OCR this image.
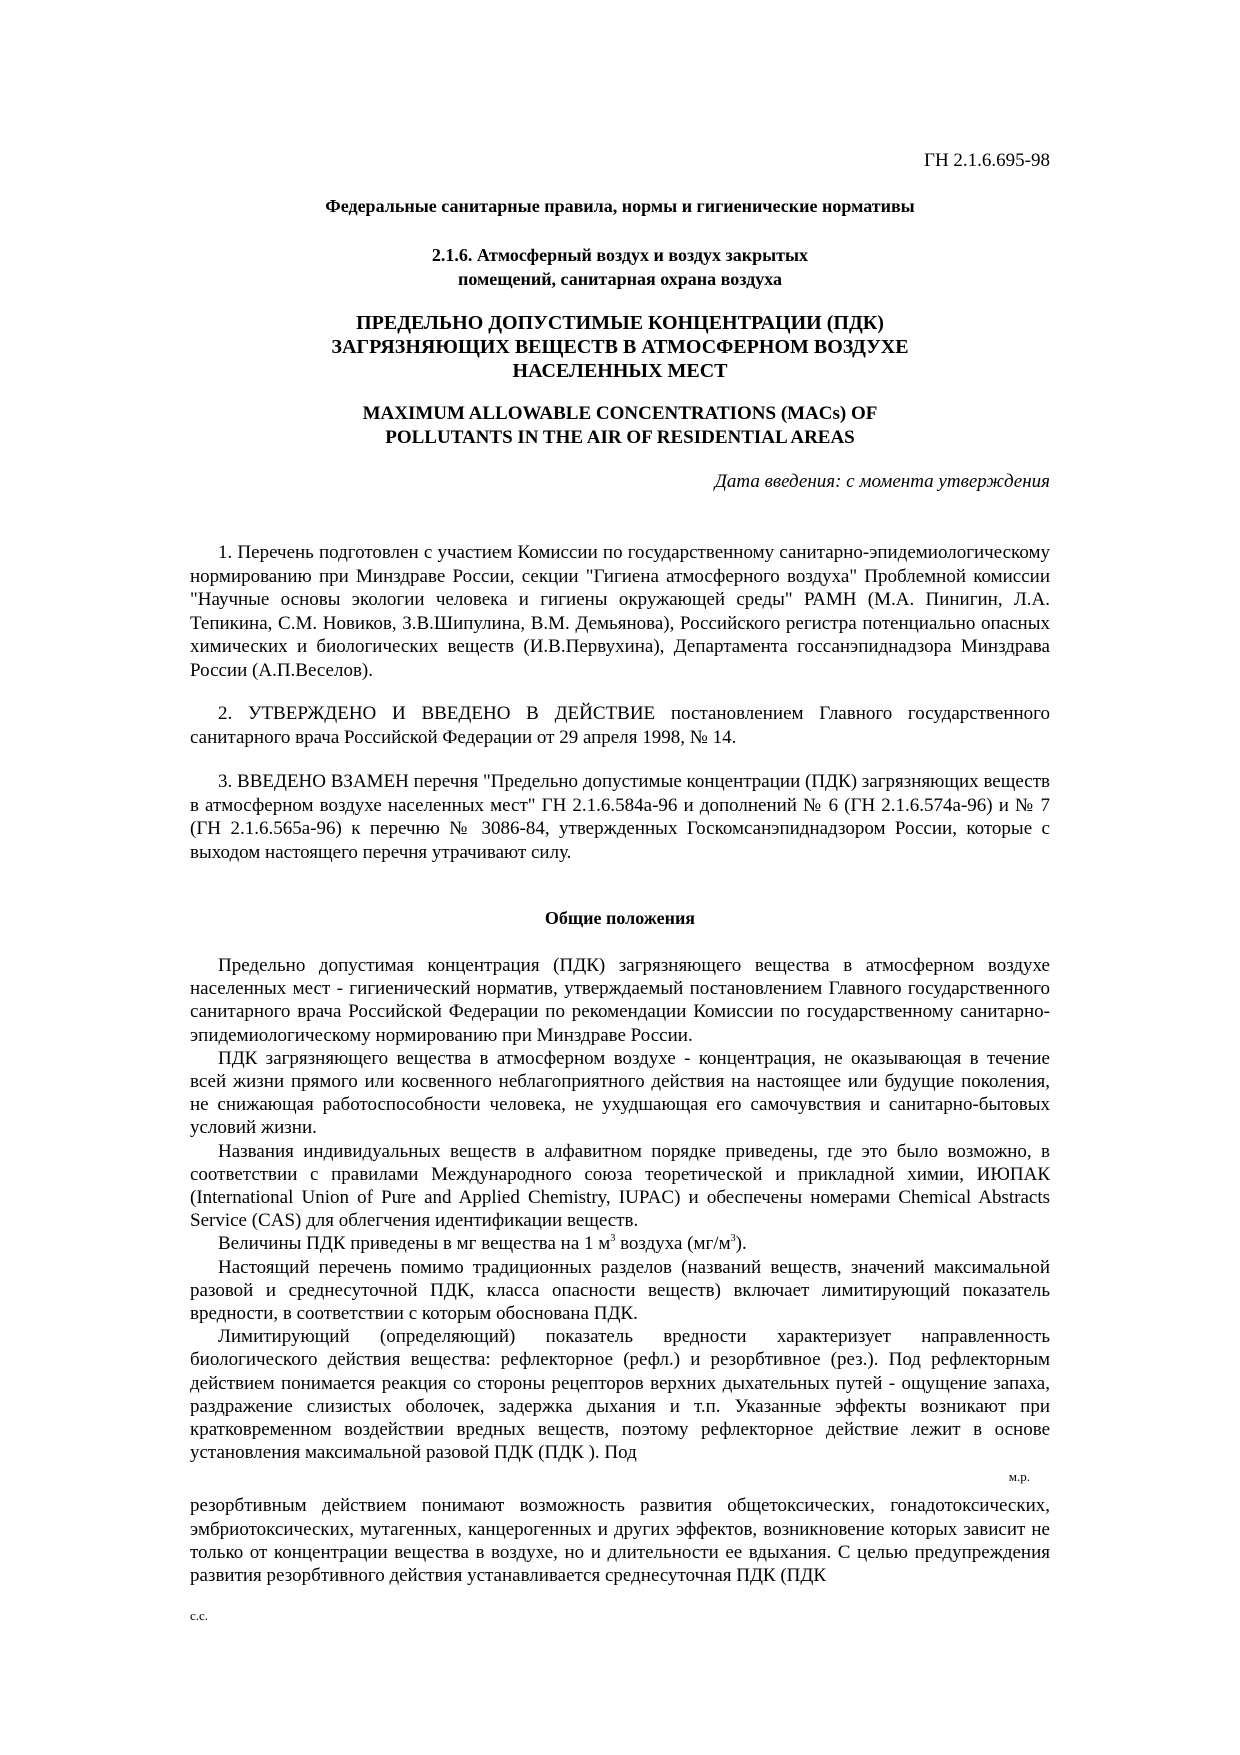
ГН 2.1.6.695-98
Федеральные санитарные правила, нормы и гигиенические нормативы
2.1.6. Атмосферный воздух и воздух закрытых
помещений, санитарная охрана воздуха
ПРЕДЕЛЬНО ДОПУСТИМЫЕ КОНЦЕНТРАЦИИ (ПДК)
ЗАГРЯЗНЯЮЩИХ ВЕЩЕСТВ В АТМОСФЕРНОМ ВОЗДУХЕ
НАСЕЛЕННЫХ МЕСТ
MAXIMUM ALLOWABLE CONCENTRATIONS (MACs) OF
POLLUTANTS IN THE AIR OF RESIDENTIAL AREAS
Дата введения: с момента утверждения

1. Перечень подготовлен с участием Комиссии по государственному санитарно-эпидемиологическому нормированию при Минздраве России, секции "Гигиена атмосферного воздуха" Проблемной комиссии "Научные основы экологии человека и гигиены окружающей среды" РАМН (М.А. Пинигин, Л.А. Тепикина, С.М. Новиков, З.В.Шипулина, В.М. Демьянова), Российского регистра потенциально опасных химических и биологических веществ (И.В.Первухина), Департамента госсанэпиднадзора Минздрава России (А.П.Веселов).

2. УТВЕРЖДЕНО И ВВЕДЕНО В ДЕЙСТВИЕ постановлением Главного государственного санитарного врача Российской Федерации от 29 апреля 1998, № 14.

3. ВВЕДЕНО ВЗАМЕН перечня "Предельно допустимые концентрации (ПДК) загрязняющих веществ в атмосферном воздухе населенных мест" ГН 2.1.6.584а-96 и дополнений № 6 (ГН 2.1.6.574а-96) и № 7 (ГН 2.1.6.565а-96) к перечню № 3086-84, утвержденных Госкомсанэпиднадзором России, которые с выходом настоящего перечня утрачивают силу.

Общие положения

Предельно допустимая концентрация (ПДК) загрязняющего вещества в атмосферном воздухе населенных мест - гигиенический норматив, утверждаемый постановлением Главного государственного санитарного врача Российской Федерации по рекомендации Комиссии по государственному санитарно-эпидемиологическому нормированию при Минздраве России.

ПДК загрязняющего вещества в атмосферном воздухе - концентрация, не оказывающая в течение всей жизни прямого или косвенного неблагоприятного действия на настоящее или будущие поколения, не снижающая работоспособности человека, не ухудшающая его самочувствия и санитарно-бытовых условий жизни.

Названия индивидуальных веществ в алфавитном порядке приведены, где это было возможно, в соответствии с правилами Международного союза теоретической и прикладной химии, ИЮПАК (International Union of Pure and Applied Chemistry, IUPAC) и обеспечены номерами Chemical Abstracts Service (CAS) для облегчения идентификации веществ.

Величины ПДК приведены в мг вещества на 1 $м^3$ воздуха $(мг/м^3)$.

Настоящий перечень помимо традиционных разделов (названий веществ, значений максимальной разовой и среднесуточной ПДК, класса опасности веществ) включает лимитирующий показатель вредности, в соответствии с которым обоснована ПДК.

Лимитирующий (определяющий) показатель вредности характеризует направленность биологического действия вещества: рефлекторное (рефл.) и резорбтивное (рез.). Под рефлекторным действием понимается реакция со стороны рецепторов верхних дыхательных путей - ощущение запаха, раздражение слизистых оболочек, задержка дыхания и т.п. Указанные эффекты возникают при кратковременном воздействии вредных веществ, поэтому рефлекторное действие лежит в основе установления максимальной разовой ПДК (ПДК ). Под

м.р.

резорбтивным действием понимают возможность развития общетоксических, гонадотоксических, эмбриотоксических, мутагенных, канцерогенных и других эффектов, возникновение которых зависит не только от концентрации вещества в воздухе, но и длительности ее вдыхания. С целью предупреждения развития резорбтивного действия устанавливается среднесуточная ПДК (ПДК

с.с.
